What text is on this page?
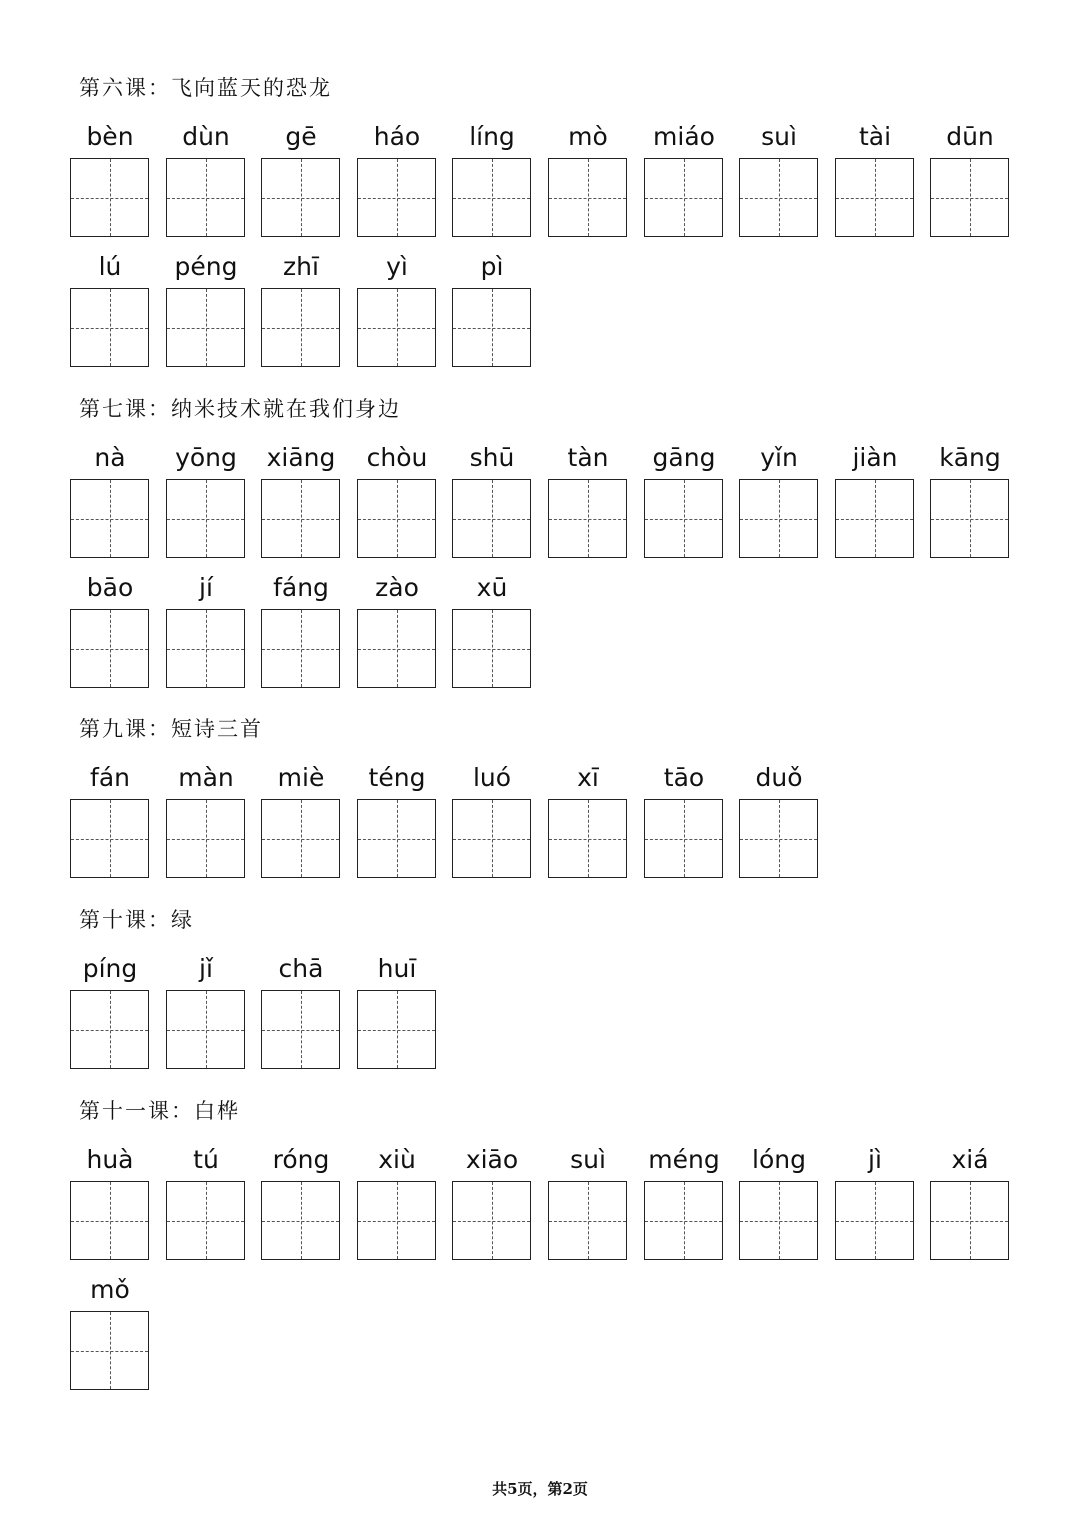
第六课：飞向蓝天的恐龙
bèn	dùn	gē	háo	líng	mò	miáo	suì	tài	dūn
lú	péng	zhī	yì	pì
第七课：纳米技术就在我们身边
nà	yōng	xiāng	chòu	shū	tàn	gāng	yǐn	jiàn	kāng
bāo	jí	fáng	zào	xū
第九课：短诗三首
fán	màn	miè	téng	luó	xī	tāo	duǒ
第十课：绿
píng	jǐ	chā	huī
第十一课：白桦
huà	tú	róng	xiù	xiāo	suì	méng	lóng	jì	xiá
mǒ
共5页，第2页
